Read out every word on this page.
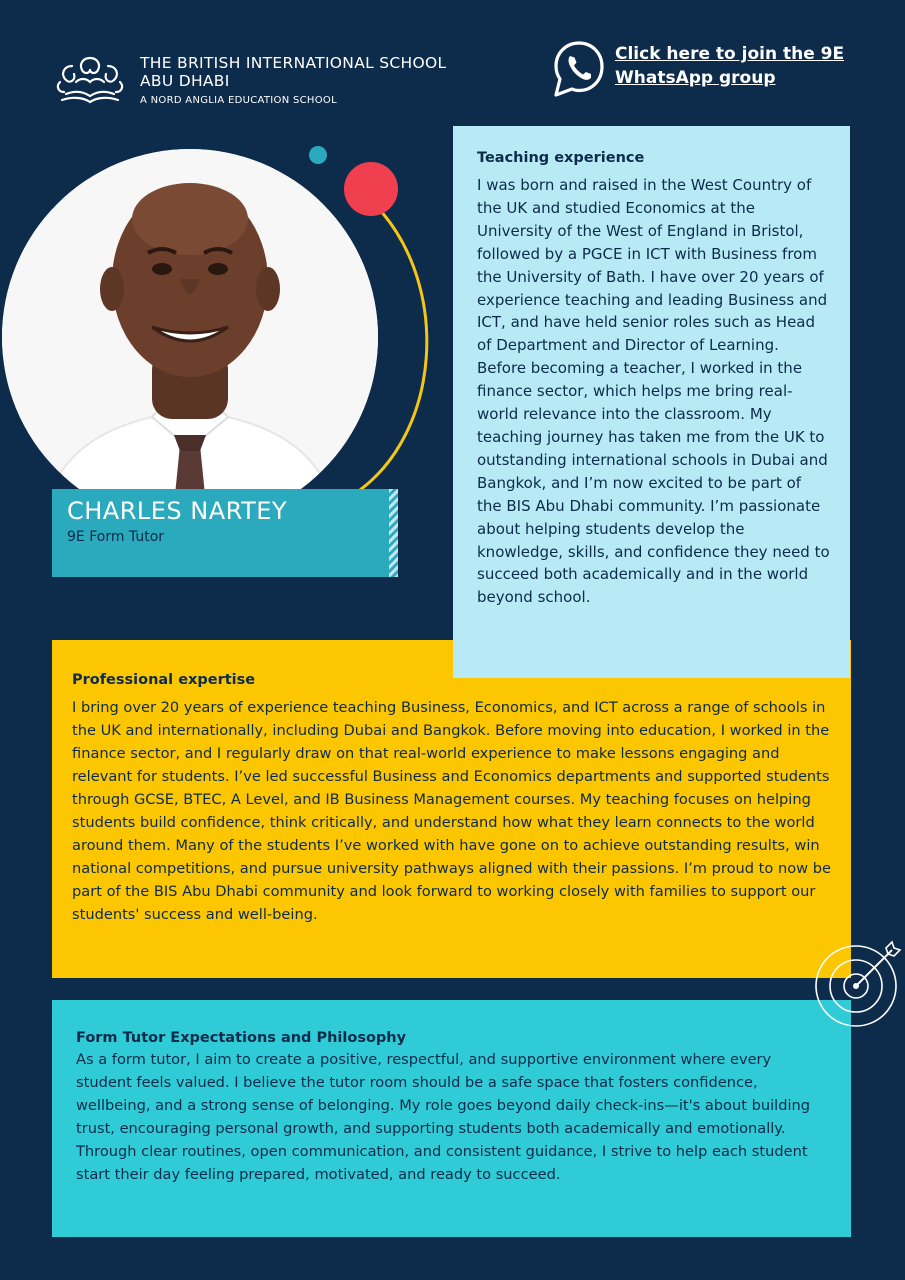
THE BRITISH INTERNATIONAL SCHOOL
ABU DHABI
A NORD ANGLIA EDUCATION SCHOOL
Click here to join the 9E
WhatsApp group
CHARLES NARTEY
9E Form Tutor
Professional expertise
I bring over 20 years of experience teaching Business, Economics, and ICT across a range of schools in the UK and internationally, including Dubai and Bangkok. Before moving into education, I worked in the finance sector, and I regularly draw on that real-world experience to make lessons engaging and relevant for students. I’ve led successful Business and Economics departments and supported students through GCSE, BTEC, A Level, and IB Business Management courses. My teaching focuses on helping students build confidence, think critically, and understand how what they learn connects to the world around them. Many of the students I’ve worked with have gone on to achieve outstanding results, win national competitions, and pursue university pathways aligned with their passions. I’m proud to now be part of the BIS Abu Dhabi community and look forward to working closely with families to support our students' success and well-being.
Teaching experience
I was born and raised in the West Country of the UK and studied Economics at the University of the West of England in Bristol, followed by a PGCE in ICT with Business from the University of Bath. I have over 20 years of experience teaching and leading Business and ICT, and have held senior roles such as Head of Department and Director of Learning. Before becoming a teacher, I worked in the finance sector, which helps me bring real-world relevance into the classroom. My teaching journey has taken me from the UK to outstanding international schools in Dubai and Bangkok, and I’m now excited to be part of the BIS Abu Dhabi community. I’m passionate about helping students develop the knowledge, skills, and confidence they need to succeed both academically and in the world beyond school.
Form Tutor Expectations and Philosophy
As a form tutor, I aim to create a positive, respectful, and supportive environment where every student feels valued. I believe the tutor room should be a safe space that fosters confidence, wellbeing, and a strong sense of belonging. My role goes beyond daily check-ins—it's about building trust, encouraging personal growth, and supporting students both academically and emotionally. Through clear routines, open communication, and consistent guidance, I strive to help each student start their day feeling prepared, motivated, and ready to succeed.
